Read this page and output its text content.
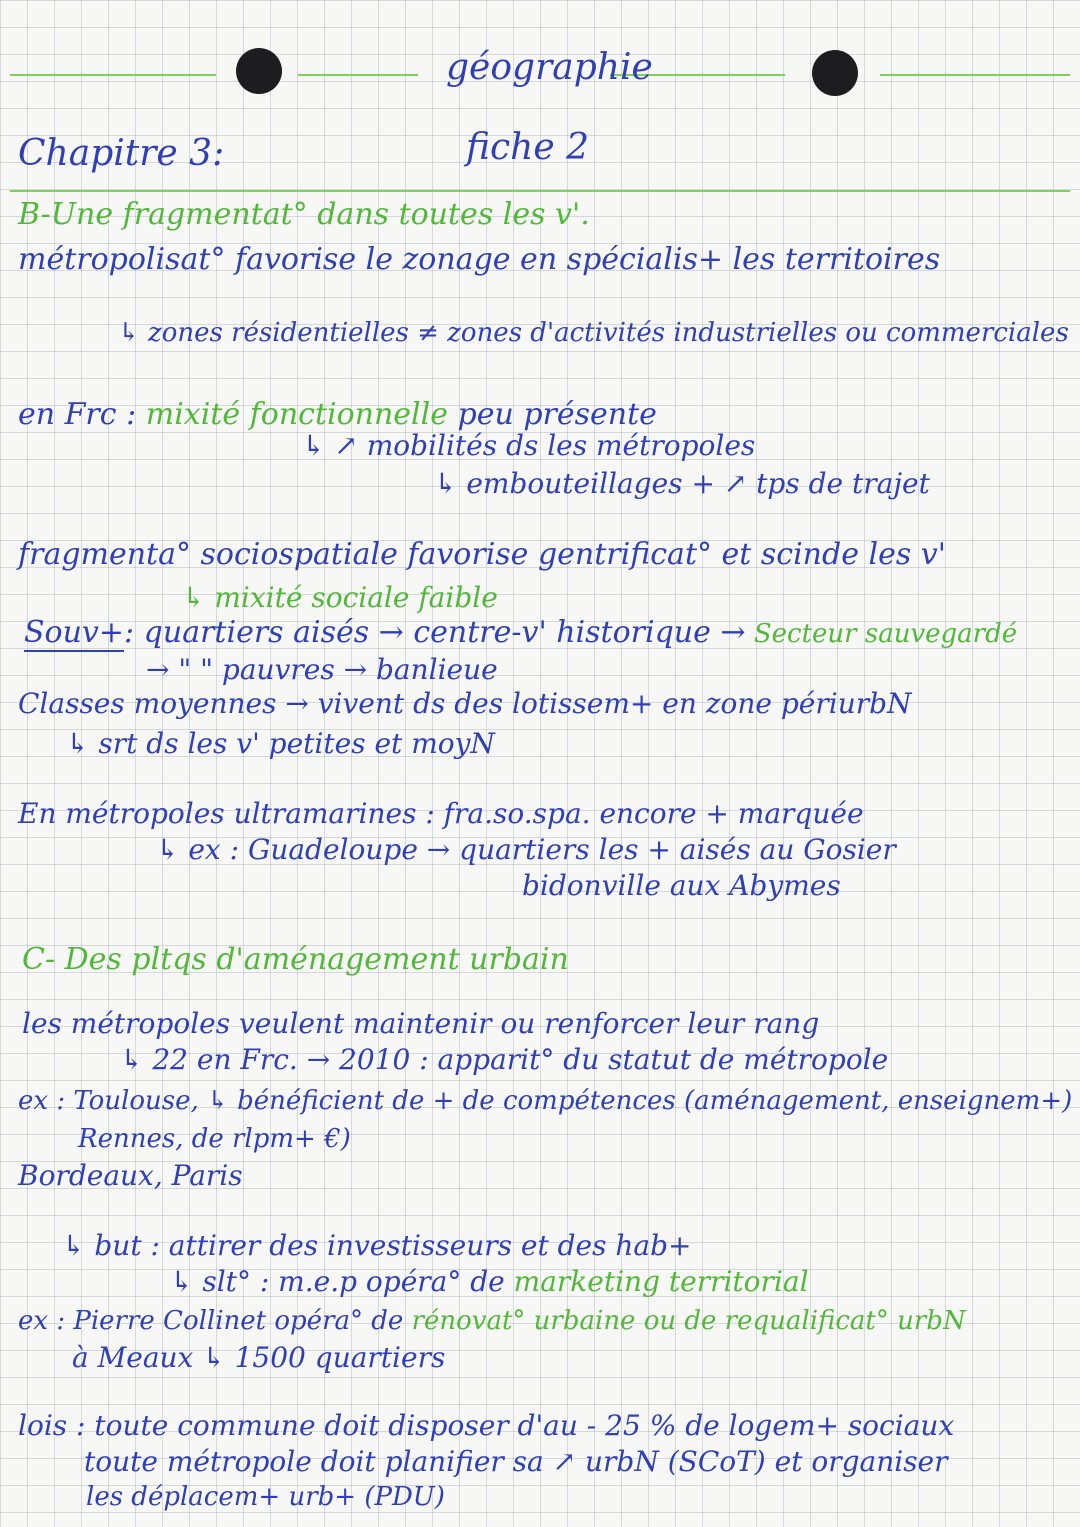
géographie
fiche 2
Chapitre 3:
B-Une fragmentat° dans toutes les v'.
métropolisat° favorise le zonage en spécialis+ les territoires
↳ zones résidentielles ≠ zones d'activités industrielles ou commerciales
en Frc : mixité fonctionnelle peu présente
↳ ↗ mobilités ds les métropoles
↳ embouteillages + ↗ tps de trajet
fragmenta° sociospatiale favorise gentrificat° et scinde les v'
↳ mixité sociale faible
Souv+: quartiers aisés → centre-v' historique → Secteur sauvegardé
→ " " pauvres → banlieue
Classes moyennes → vivent ds des lotissem+ en zone périurbN
↳ srt ds les v' petites et moyN
En métropoles ultramarines : fra.so.spa. encore + marquée
↳ ex : Guadeloupe → quartiers les + aisés au Gosier
bidonville aux Abymes
C- Des pltqs d'aménagement urbain
les métropoles veulent maintenir ou renforcer leur rang
↳ 22 en Frc. → 2010 : apparit° du statut de métropole
ex : Toulouse, ↳ bénéficient de + de compétences (aménagement, enseignem+)
Rennes, de rlpm+ €)
Bordeaux, Paris
↳ but : attirer des investisseurs et des hab+
↳ slt° : m.e.p opéra° de marketing territorial
ex : Pierre Collinet opéra° de rénovat° urbaine ou de requalificat° urbN
à Meaux ↳ 1500 quartiers
lois : toute commune doit disposer d'au - 25 % de logem+ sociaux
toute métropole doit planifier sa ↗ urbN (SCoT) et organiser
les déplacem+ urb+ (PDU)
